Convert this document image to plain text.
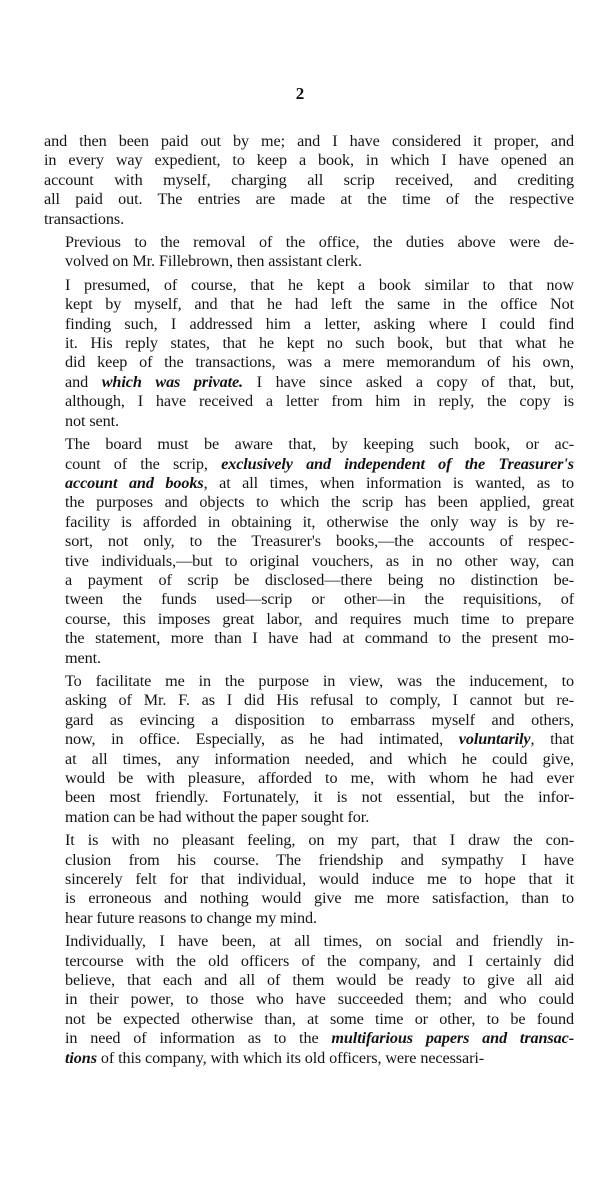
2

and then been paid out by me; and I have considered it proper, and
in every way expedient, to keep a book, in which I have opened an
account with myself, charging all scrip received, and crediting
all paid out. The entries are made at the time of the respective
transactions.

Previous to the removal of the office, the duties above were de-
volved on Mr. Fillebrown, then assistant clerk.

I presumed, of course, that he kept a book similar to that now
kept by myself, and that he had left the same in the office Not
finding such, I addressed him a letter, asking where I could find
it. His reply states, that he kept no such book, but that what he
did keep of the transactions, was a mere memorandum of his own,
and which was private. I have since asked a copy of that, but,
although, I have received a letter from him in reply, the copy is
not sent.

The board must be aware that, by keeping such book, or ac-
count of the scrip, exclusively and independent of the Treasurer's
account and books, at all times, when information is wanted, as to
the purposes and objects to which the scrip has been applied, great
facility is afforded in obtaining it, otherwise the only way is by re-
sort, not only, to the Treasurer's books,—the accounts of respec-
tive individuals,—but to original vouchers, as in no other way, can
a payment of scrip be disclosed—there being no distinction be-
tween the funds used—scrip or other—in the requisitions, of
course, this imposes great labor, and requires much time to prepare
the statement, more than I have had at command to the present mo-
ment.

To facilitate me in the purpose in view, was the inducement, to
asking of Mr. F. as I did His refusal to comply, I cannot but re-
gard as evincing a disposition to embarrass myself and others,
now, in office. Especially, as he had intimated, voluntarily, that
at all times, any information needed, and which he could give,
would be with pleasure, afforded to me, with whom he had ever
been most friendly. Fortunately, it is not essential, but the infor-
mation can be had without the paper sought for.

It is with no pleasant feeling, on my part, that I draw the con-
clusion from his course. The friendship and sympathy I have
sincerely felt for that individual, would induce me to hope that it
is erroneous and nothing would give me more satisfaction, than to
hear future reasons to change my mind.

Individually, I have been, at all times, on social and friendly in-
tercourse with the old officers of the company, and I certainly did
believe, that each and all of them would be ready to give all aid
in their power, to those who have succeeded them; and who could
not be expected otherwise than, at some time or other, to be found
in need of information as to the multifarious papers and transac-
tions of this company, with which its old officers, were necessari-
